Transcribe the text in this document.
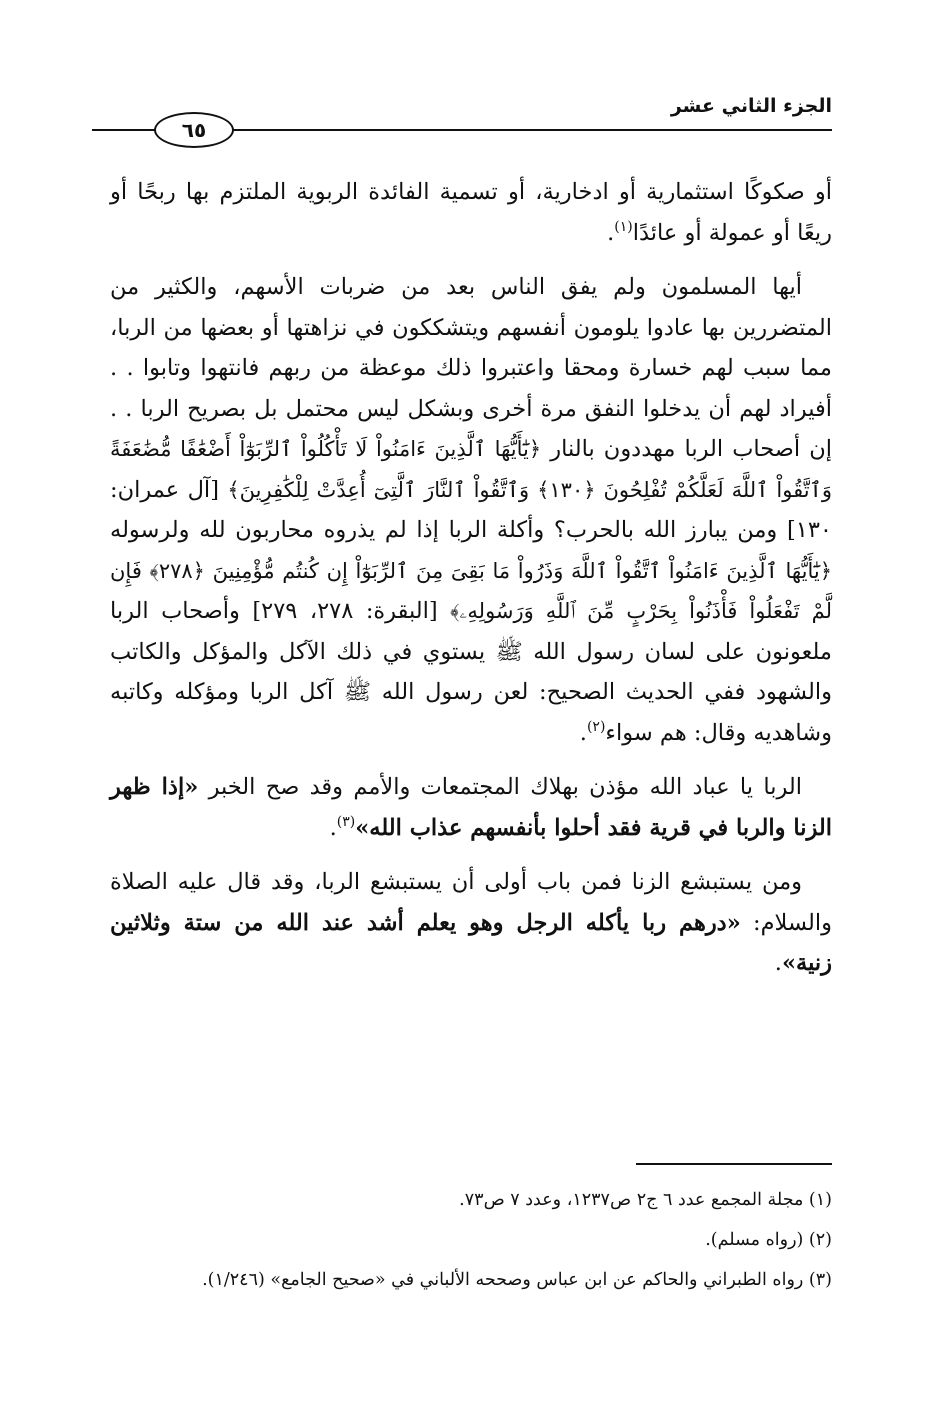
الجزء الثاني عشر
٦٥

أو صكوكًا استثمارية أو ادخارية، أو تسمية الفائدة الربوية الملتزم بها ربحًا أو ريعًا أو عمولة أو عائدًا$^{(١)}$.

أيها المسلمون ولم يفق الناس بعد من ضربات الأسهم، والكثير من المتضررين بها عادوا يلومون أنفسهم ويتشككون في نزاهتها أو بعضها من الربا، مما سبب لهم خسارة ومحقا واعتبروا ذلك موعظة من ربهم فانتهوا وتابوا . . أفيراد لهم أن يدخلوا النفق مرة أخرى وبشكل ليس محتمل بل بصريح الربا . . إن أصحاب الربا مهددون بالنار ﴿يَٰٓأَيُّهَا ٱلَّذِينَ ءَامَنُواْ لَا تَأْكُلُواْ ٱلرِّبَوٰٓاْ أَضْعَٰفًا مُّضَٰعَفَةً وَٱتَّقُواْ ٱللَّهَ لَعَلَّكُمْ تُفْلِحُونَ ﴿١٣٠﴾ وَٱتَّقُواْ ٱلنَّارَ ٱلَّتِىٓ أُعِدَّتْ لِلْكَٰفِرِينَ﴾ [آل عمران: ١٣٠] ومن يبارز الله بالحرب؟ وأكلة الربا إذا لم يذروه محاربون لله ولرسوله ﴿يَٰٓأَيُّهَا ٱلَّذِينَ ءَامَنُواْ ٱتَّقُواْ ٱللَّهَ وَذَرُواْ مَا بَقِىَ مِنَ ٱلرِّبَوٰٓاْ إِن كُنتُم مُّؤْمِنِينَ ﴿٢٧٨﴾ فَإِن لَّمْ تَفْعَلُواْ فَأْذَنُواْ بِحَرْبٍ مِّنَ ٱللَّهِ وَرَسُولِهِۦ﴾ [البقرة: ٢٧٨، ٢٧٩] وأصحاب الربا ملعونون على لسان رسول الله ﷺ يستوي في ذلك الآكل والمؤكل والكاتب والشهود ففي الحديث الصحيح: لعن رسول الله ﷺ آكل الربا ومؤكله وكاتبه وشاهديه وقال: هم سواء$^{(٢)}$.

الربا يا عباد الله مؤذن بهلاك المجتمعات والأمم وقد صح الخبر «إذا ظهر الزنا والربا في قرية فقد أحلوا بأنفسهم عذاب الله»$^{(٣)}$.

ومن يستبشع الزنا فمن باب أولى أن يستبشع الربا، وقد قال عليه الصلاة والسلام: «درهم ربا يأكله الرجل وهو يعلم أشد عند الله من ستة وثلاثين زنية».

(١) مجلة المجمع عدد ٦ ج٢ ص١٢٣٧، وعدد ٧ ص٧٣.
(٢) (رواه مسلم).
(٣) رواه الطبراني والحاكم عن ابن عباس وصححه الألباني في «صحيح الجامع» (١/٢٤٦).
